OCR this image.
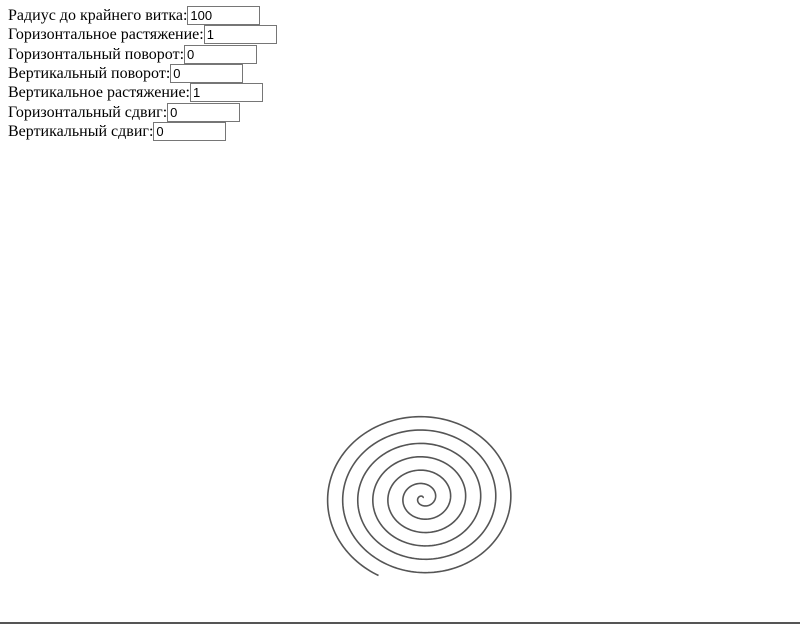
Радиус до крайнего витка:
100
Горизонтальное растяжение:
1
Горизонтальный поворот:
0
Вертикальный поворот:
0
Вертикальное растяжение:
1
Горизонтальный сдвиг:
0
Вертикальный сдвиг:
0
